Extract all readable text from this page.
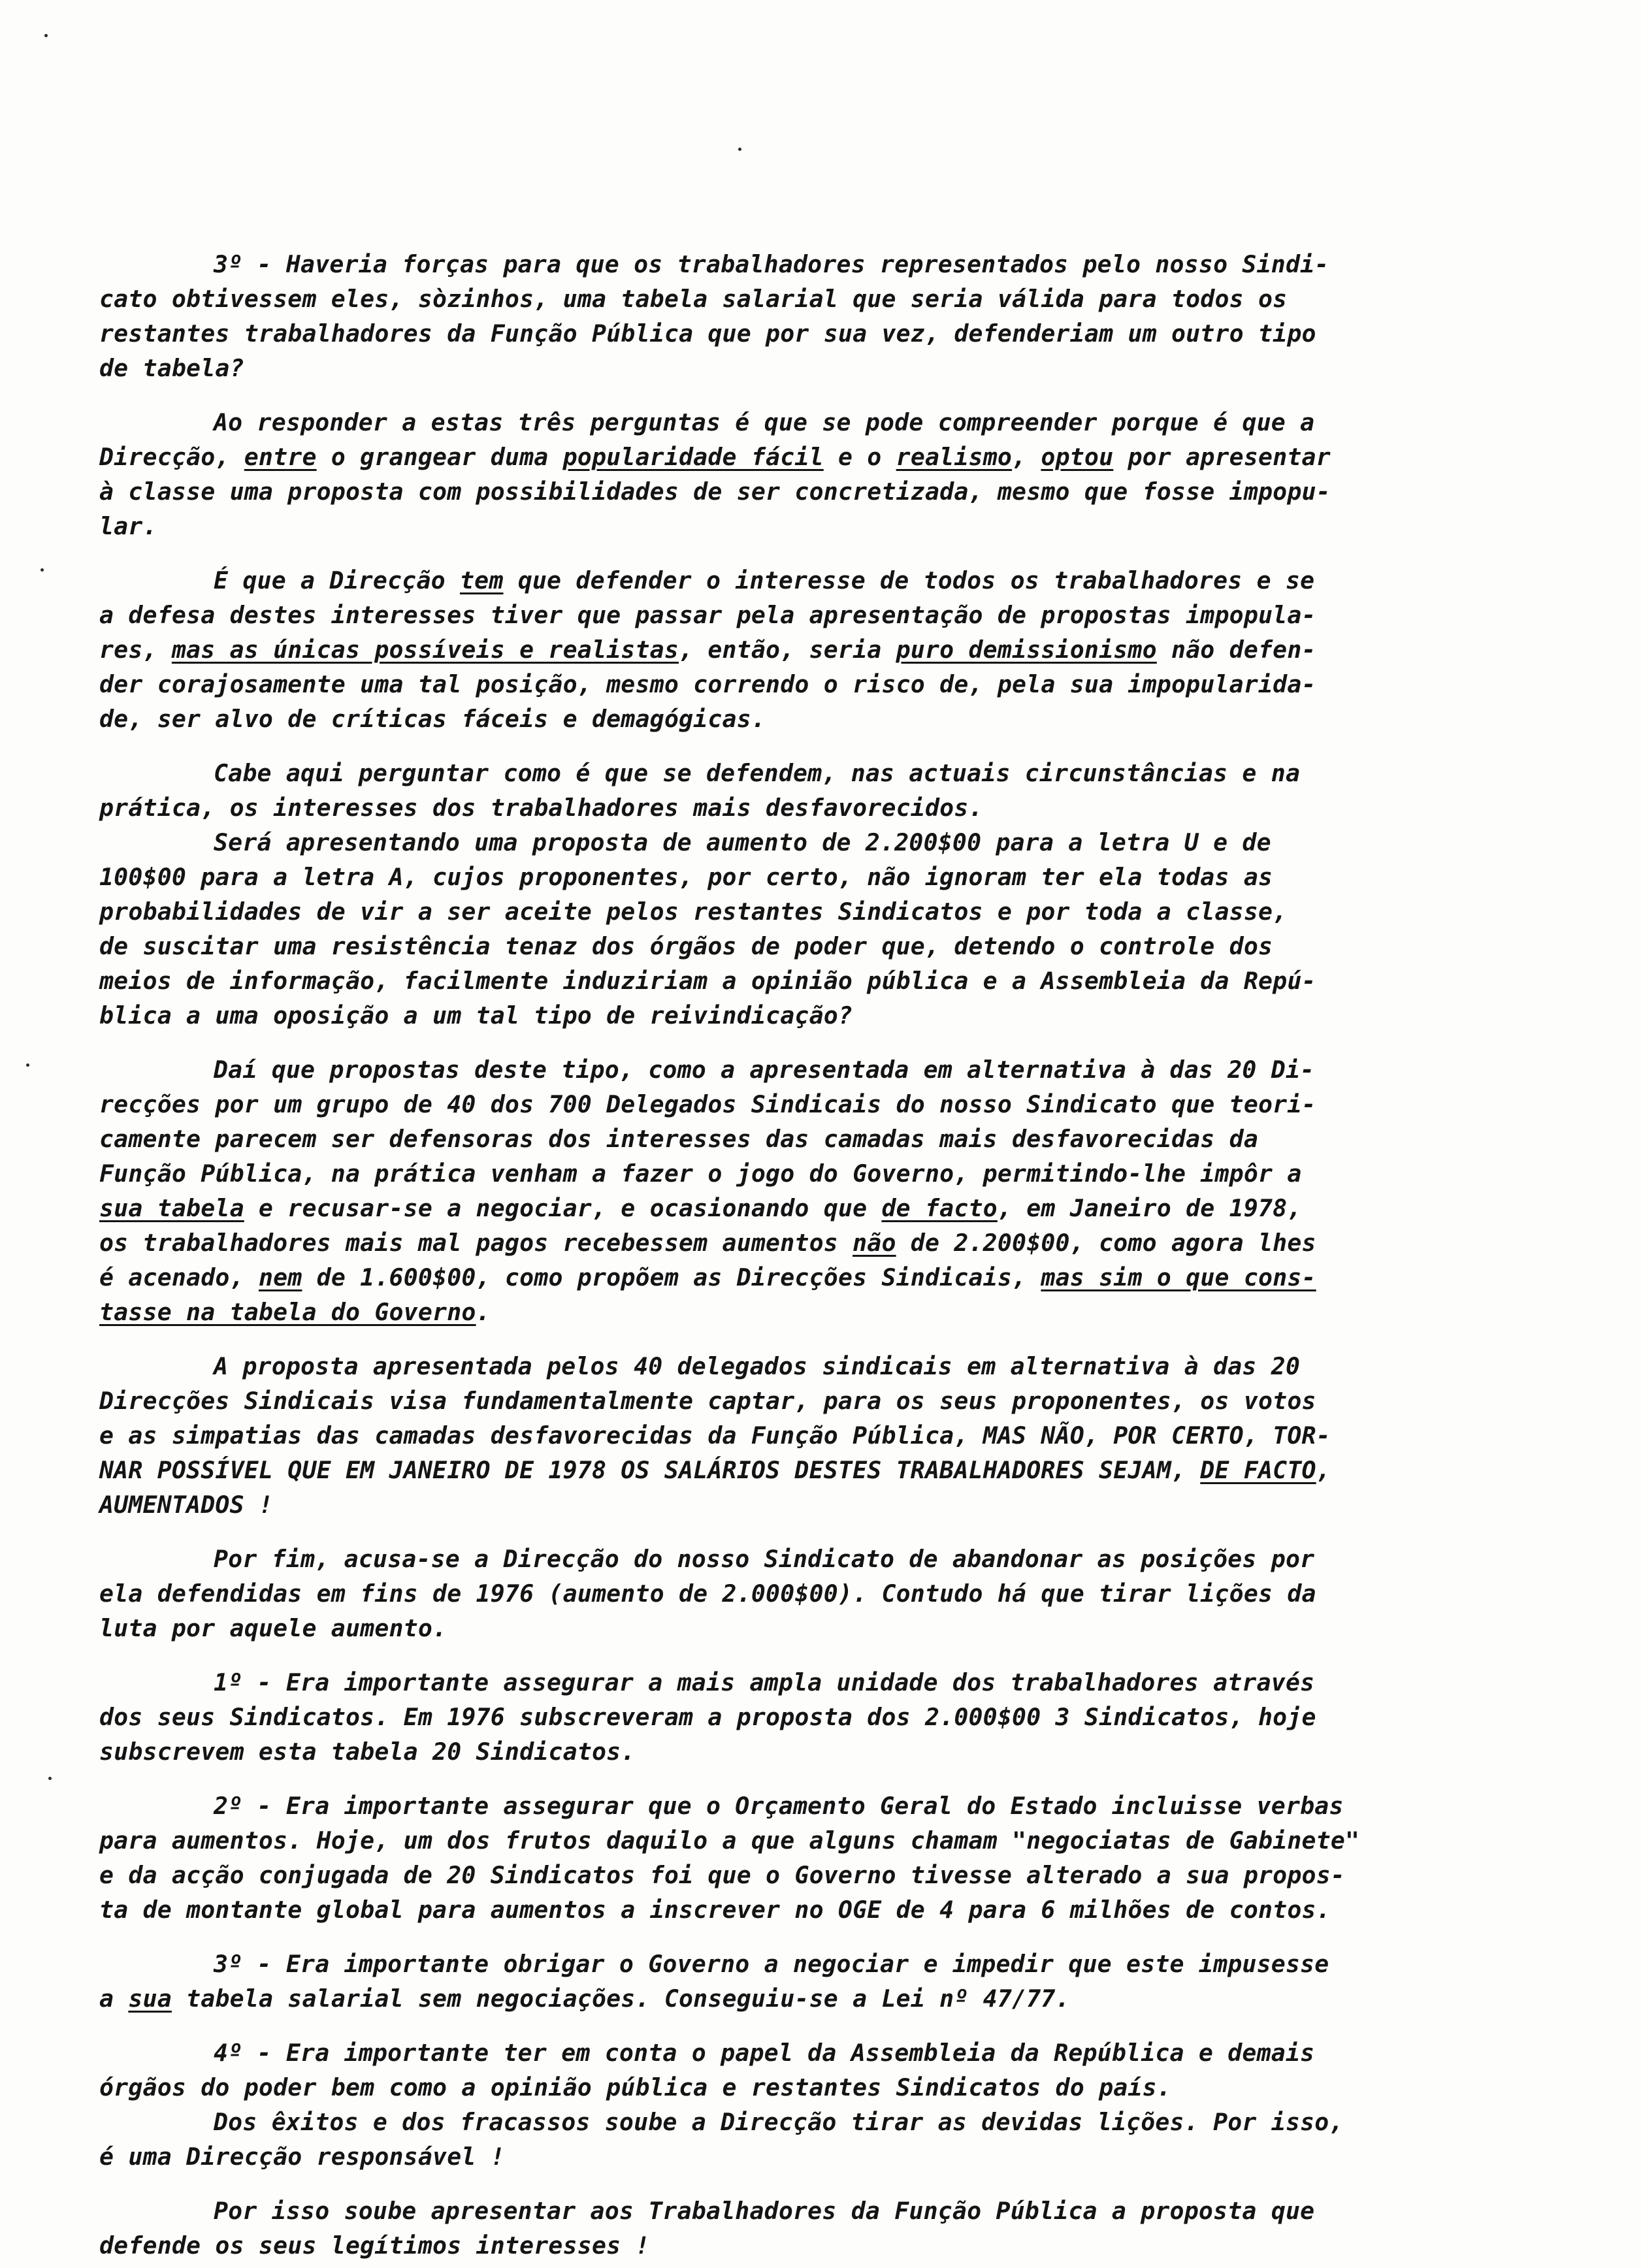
3º - Haveria forças para que os trabalhadores representados pelo nosso Sindi-
cato obtivessem eles, sòzinhos, uma tabela salarial que seria válida para todos os
restantes trabalhadores da Função Pública que por sua vez, defenderiam um outro tipo
de tabela?
Ao responder a estas três perguntas é que se pode compreender porque é que a
Direcção, entre o grangear duma popularidade fácil e o realismo, optou por apresentar
à classe uma proposta com possibilidades de ser concretizada, mesmo que fosse impopu-
lar.
É que a Direcção tem que defender o interesse de todos os trabalhadores e se
a defesa destes interesses tiver que passar pela apresentação de propostas impopula-
res, mas as únicas possíveis e realistas, então, seria puro demissionismo não defen-
der corajosamente uma tal posição, mesmo correndo o risco de, pela sua impopularida-
de, ser alvo de críticas fáceis e demagógicas.
Cabe aqui perguntar como é que se defendem, nas actuais circunstâncias e na
prática, os interesses dos trabalhadores mais desfavorecidos.
Será apresentando uma proposta de aumento de 2.200$00 para a letra U e de
100$00 para a letra A, cujos proponentes, por certo, não ignoram ter ela todas as
probabilidades de vir a ser aceite pelos restantes Sindicatos e por toda a classe,
de suscitar uma resistência tenaz dos órgãos de poder que, detendo o controle dos
meios de informação, facilmente induziriam a opinião pública e a Assembleia da Repú-
blica a uma oposição a um tal tipo de reivindicação?
Daí que propostas deste tipo, como a apresentada em alternativa à das 20 Di-
recções por um grupo de 40 dos 700 Delegados Sindicais do nosso Sindicato que teori-
camente parecem ser defensoras dos interesses das camadas mais desfavorecidas da
Função Pública, na prática venham a fazer o jogo do Governo, permitindo-lhe impôr a
sua tabela e recusar-se a negociar, e ocasionando que de facto, em Janeiro de 1978,
os trabalhadores mais mal pagos recebessem aumentos não de 2.200$00, como agora lhes
é acenado, nem de 1.600$00, como propõem as Direcções Sindicais, mas sim o que cons-
tasse na tabela do Governo.
A proposta apresentada pelos 40 delegados sindicais em alternativa à das 20
Direcções Sindicais visa fundamentalmente captar, para os seus proponentes, os votos
e as simpatias das camadas desfavorecidas da Função Pública, MAS NÃO, POR CERTO, TOR-
NAR POSSÍVEL QUE EM JANEIRO DE 1978 OS SALÁRIOS DESTES TRABALHADORES SEJAM, DE FACTO,
AUMENTADOS !
Por fim, acusa-se a Direcção do nosso Sindicato de abandonar as posições por
ela defendidas em fins de 1976 (aumento de 2.000$00). Contudo há que tirar lições da
luta por aquele aumento.
1º - Era importante assegurar a mais ampla unidade dos trabalhadores através
dos seus Sindicatos. Em 1976 subscreveram a proposta dos 2.000$00 3 Sindicatos, hoje
subscrevem esta tabela 20 Sindicatos.
2º - Era importante assegurar que o Orçamento Geral do Estado incluisse verbas
para aumentos. Hoje, um dos frutos daquilo a que alguns chamam "negociatas de Gabinete"
e da acção conjugada de 20 Sindicatos foi que o Governo tivesse alterado a sua propos-
ta de montante global para aumentos a inscrever no OGE de 4 para 6 milhões de contos.
3º - Era importante obrigar o Governo a negociar e impedir que este impusesse
a sua tabela salarial sem negociações. Conseguiu-se a Lei nº 47/77.
4º - Era importante ter em conta o papel da Assembleia da República e demais
órgãos do poder bem como a opinião pública e restantes Sindicatos do país.
Dos êxitos e dos fracassos soube a Direcção tirar as devidas lições. Por isso,
é uma Direcção responsável !
Por isso soube apresentar aos Trabalhadores da Função Pública a proposta que
defende os seus legítimos interesses !
